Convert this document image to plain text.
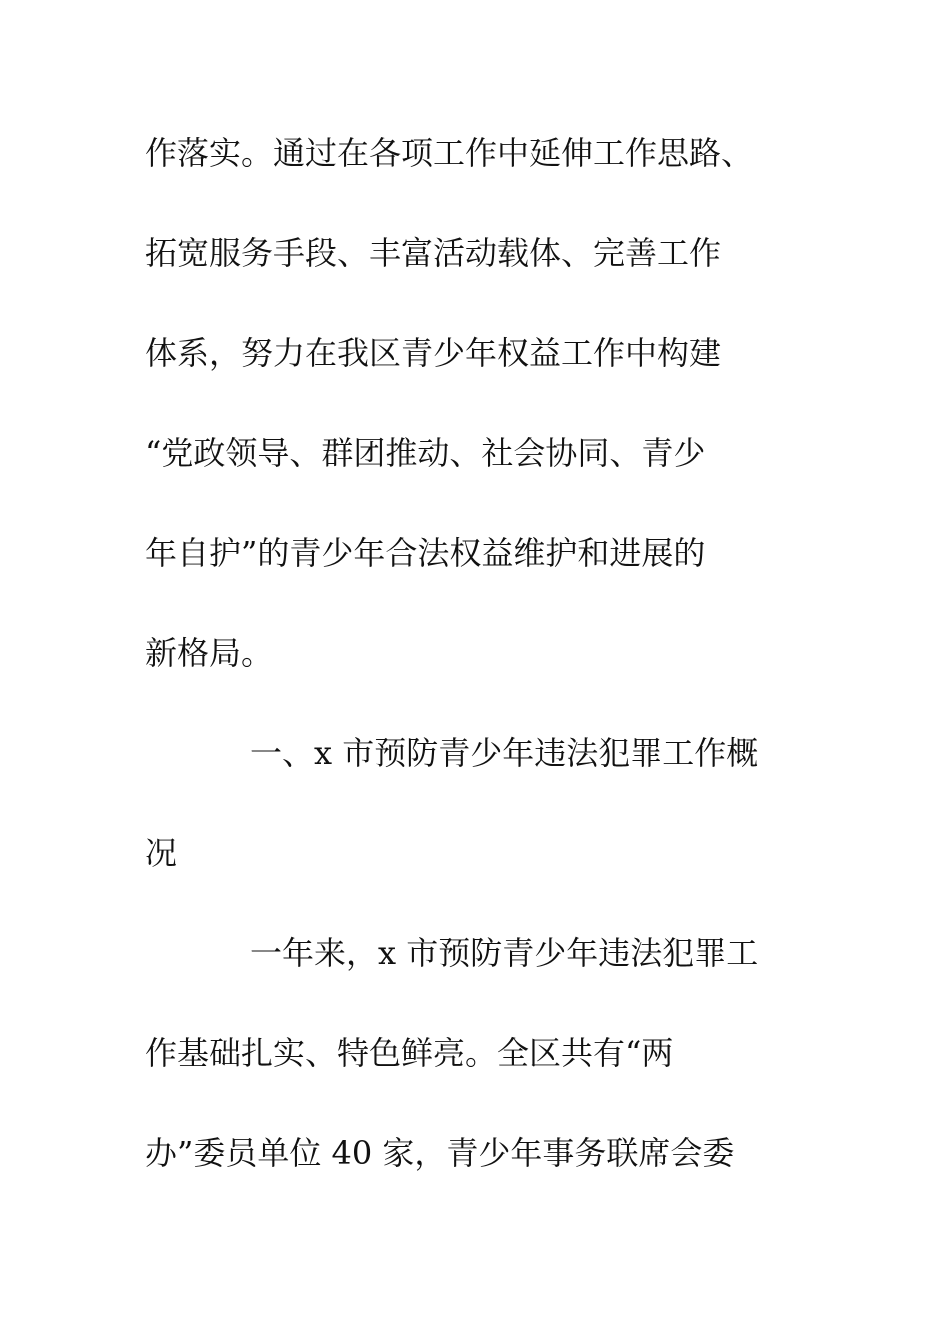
作落实。通过在各项工作中延伸工作思路、
拓宽服务手段、丰富活动载体、完善工作
体系，努力在我区青少年权益工作中构建
“党政领导、群团推动、社会协同、青少
年自护”的青少年合法权益维护和进展的
新格局。
一、x 市预防青少年违法犯罪工作概
况
一年来，x 市预防青少年违法犯罪工
作基础扎实、特色鲜亮。全区共有“两
办”委员单位 40 家，青少年事务联席会委
